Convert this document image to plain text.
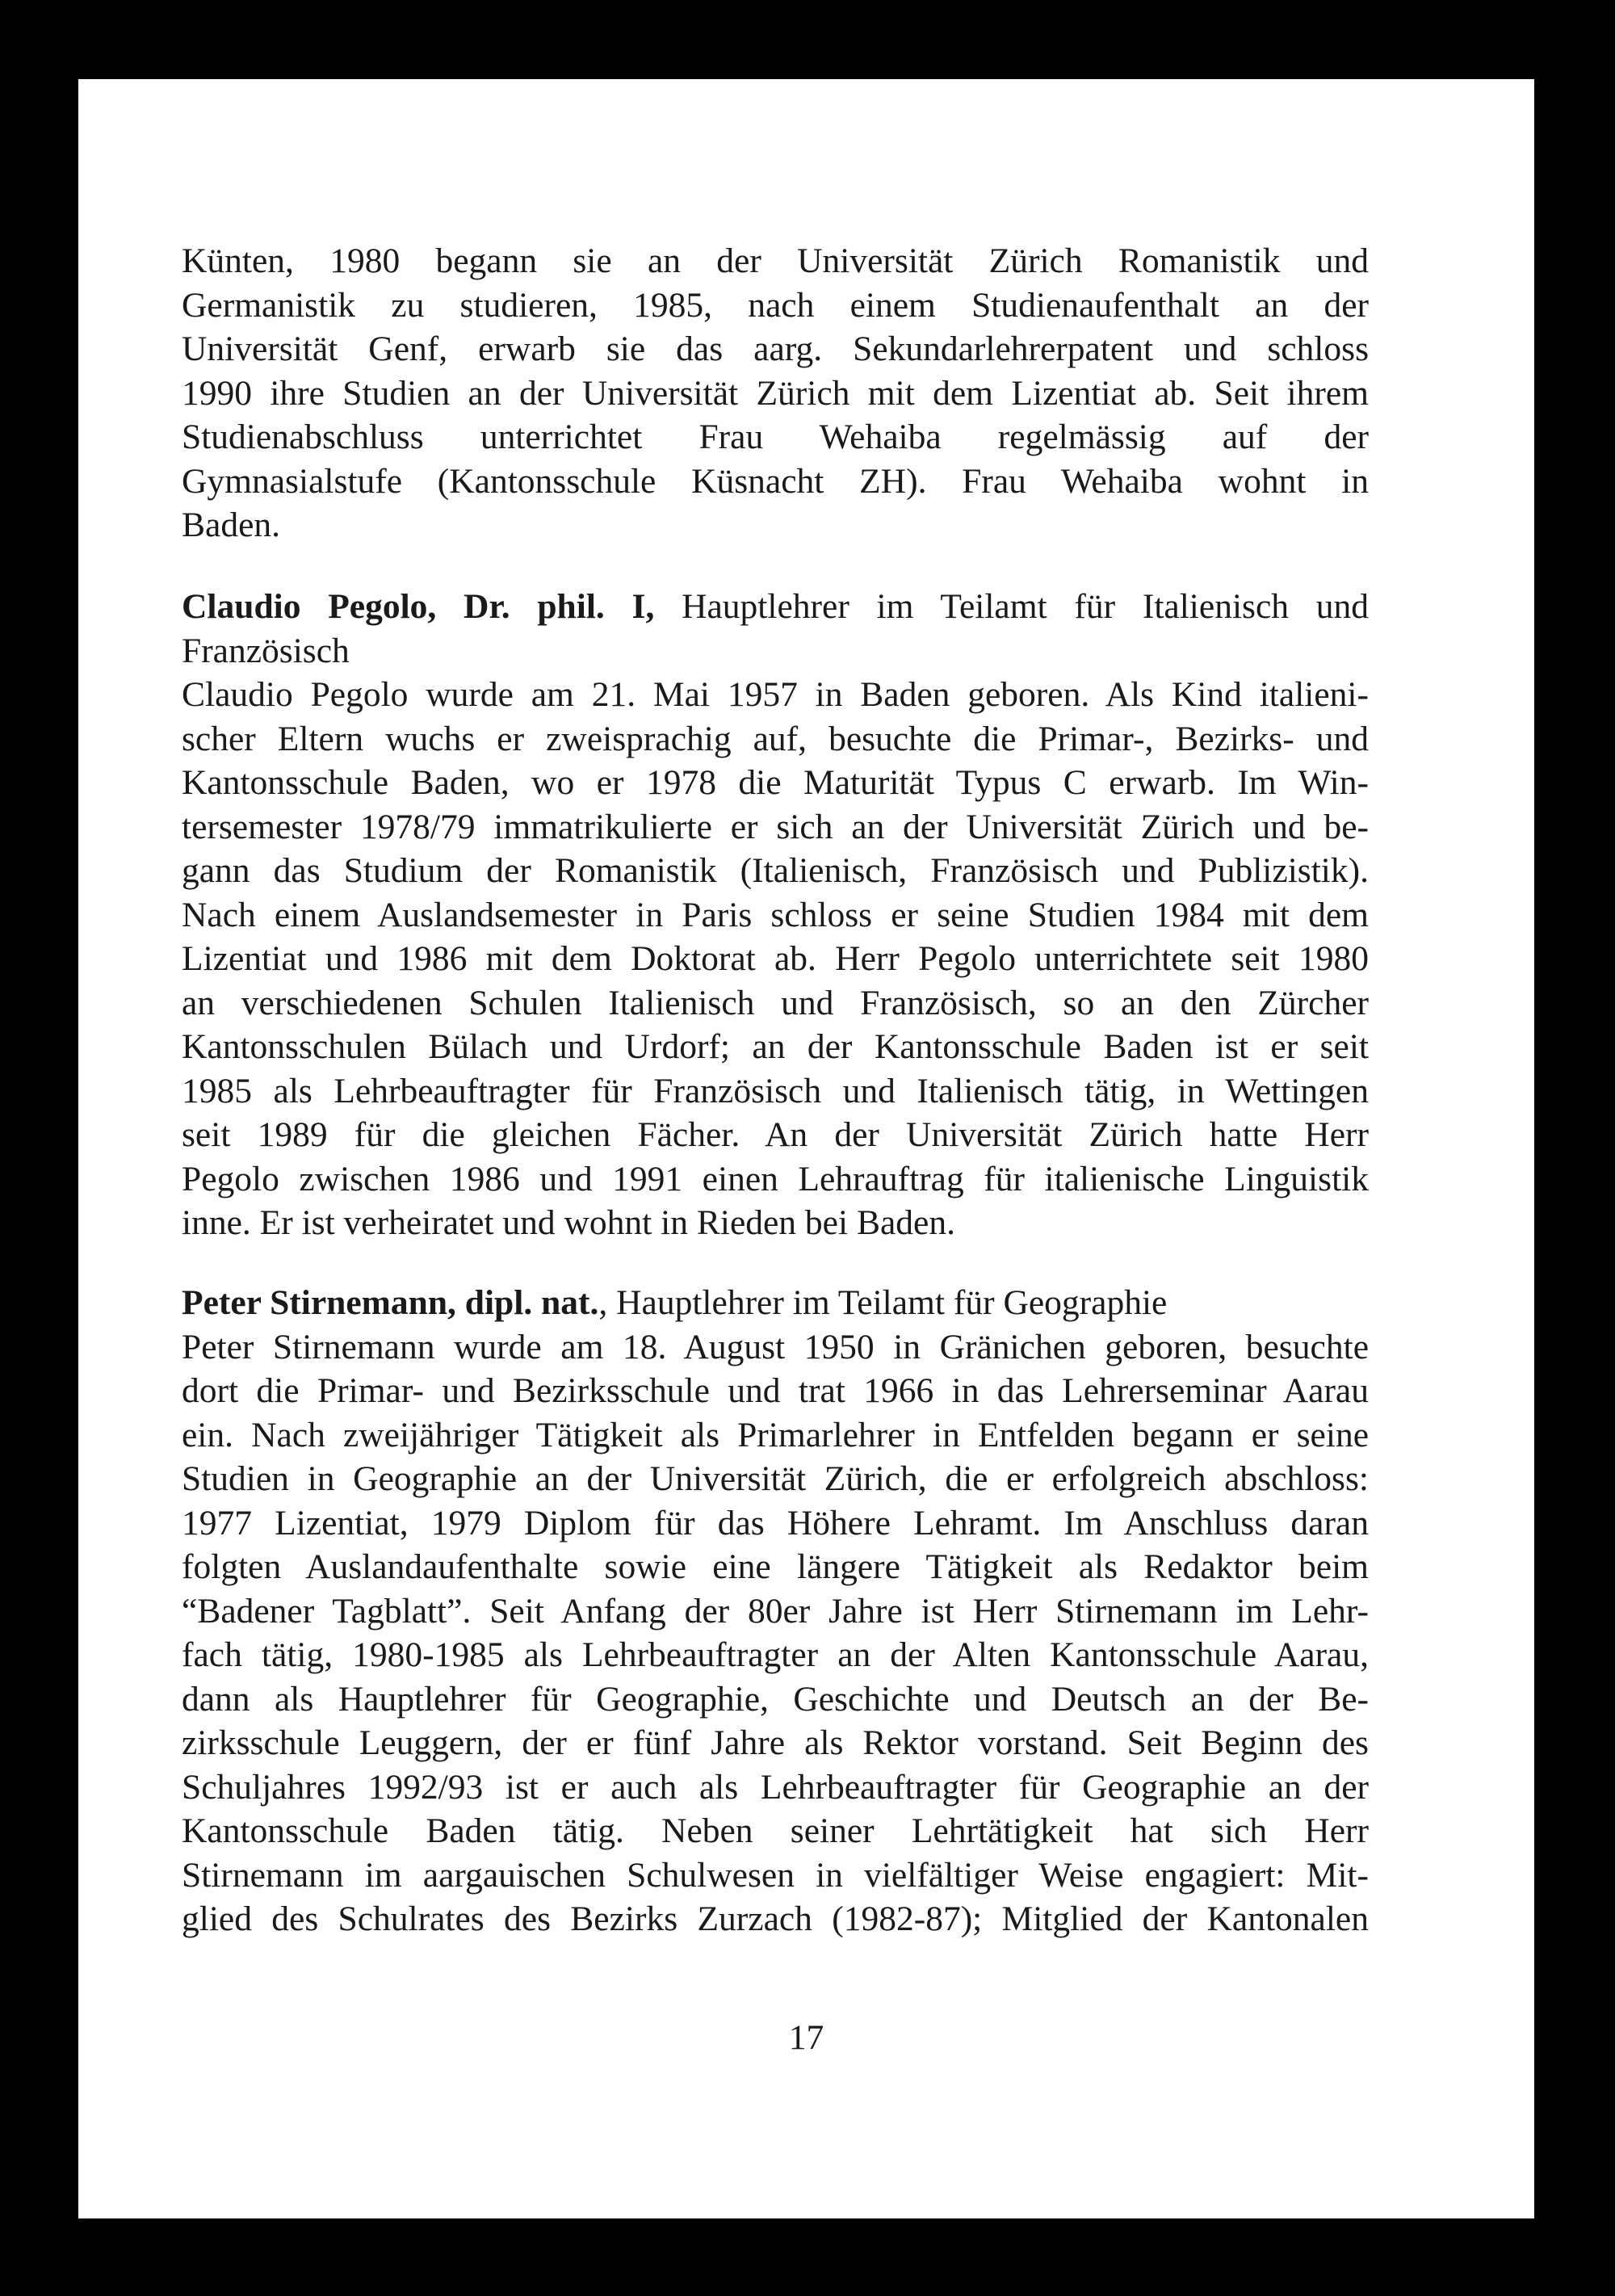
Künten, 1980 begann sie an der Universität Zürich Romanistik und
Germanistik zu studieren, 1985, nach einem Studienaufenthalt an der
Universität Genf, erwarb sie das aarg. Sekundarlehrerpatent und schloss
1990 ihre Studien an der Universität Zürich mit dem Lizentiat ab. Seit ihrem
Studienabschluss unterrichtet Frau Wehaiba regelmässig auf der
Gymnasialstufe (Kantonsschule Küsnacht ZH). Frau Wehaiba wohnt in
Baden.
Claudio Pegolo, Dr. phil. I, Hauptlehrer im Teilamt für Italienisch und
Französisch
Claudio Pegolo wurde am 21. Mai 1957 in Baden geboren. Als Kind italieni-
scher Eltern wuchs er zweisprachig auf, besuchte die Primar-, Bezirks- und
Kantonsschule Baden, wo er 1978 die Maturität Typus C erwarb. Im Win-
tersemester 1978/79 immatrikulierte er sich an der Universität Zürich und be-
gann das Studium der Romanistik (Italienisch, Französisch und Publizistik).
Nach einem Auslandsemester in Paris schloss er seine Studien 1984 mit dem
Lizentiat und 1986 mit dem Doktorat ab. Herr Pegolo unterrichtete seit 1980
an verschiedenen Schulen Italienisch und Französisch, so an den Zürcher
Kantonsschulen Bülach und Urdorf; an der Kantonsschule Baden ist er seit
1985 als Lehrbeauftragter für Französisch und Italienisch tätig, in Wettingen
seit 1989 für die gleichen Fächer. An der Universität Zürich hatte Herr
Pegolo zwischen 1986 und 1991 einen Lehrauftrag für italienische Linguistik
inne. Er ist verheiratet und wohnt in Rieden bei Baden.
Peter Stirnemann, dipl. nat., Hauptlehrer im Teilamt für Geographie
Peter Stirnemann wurde am 18. August 1950 in Gränichen geboren, besuchte
dort die Primar- und Bezirksschule und trat 1966 in das Lehrerseminar Aarau
ein. Nach zweijähriger Tätigkeit als Primarlehrer in Entfelden begann er seine
Studien in Geographie an der Universität Zürich, die er erfolgreich abschloss:
1977 Lizentiat, 1979 Diplom für das Höhere Lehramt. Im Anschluss daran
folgten Auslandaufenthalte sowie eine längere Tätigkeit als Redaktor beim
“Badener Tagblatt”. Seit Anfang der 80er Jahre ist Herr Stirnemann im Lehr-
fach tätig, 1980-1985 als Lehrbeauftragter an der Alten Kantonsschule Aarau,
dann als Hauptlehrer für Geographie, Geschichte und Deutsch an der Be-
zirksschule Leuggern, der er fünf Jahre als Rektor vorstand. Seit Beginn des
Schuljahres 1992/93 ist er auch als Lehrbeauftragter für Geographie an der
Kantonsschule Baden tätig. Neben seiner Lehrtätigkeit hat sich Herr
Stirnemann im aargauischen Schulwesen in vielfältiger Weise engagiert: Mit-
glied des Schulrates des Bezirks Zurzach (1982-87); Mitglied der Kantonalen
17
